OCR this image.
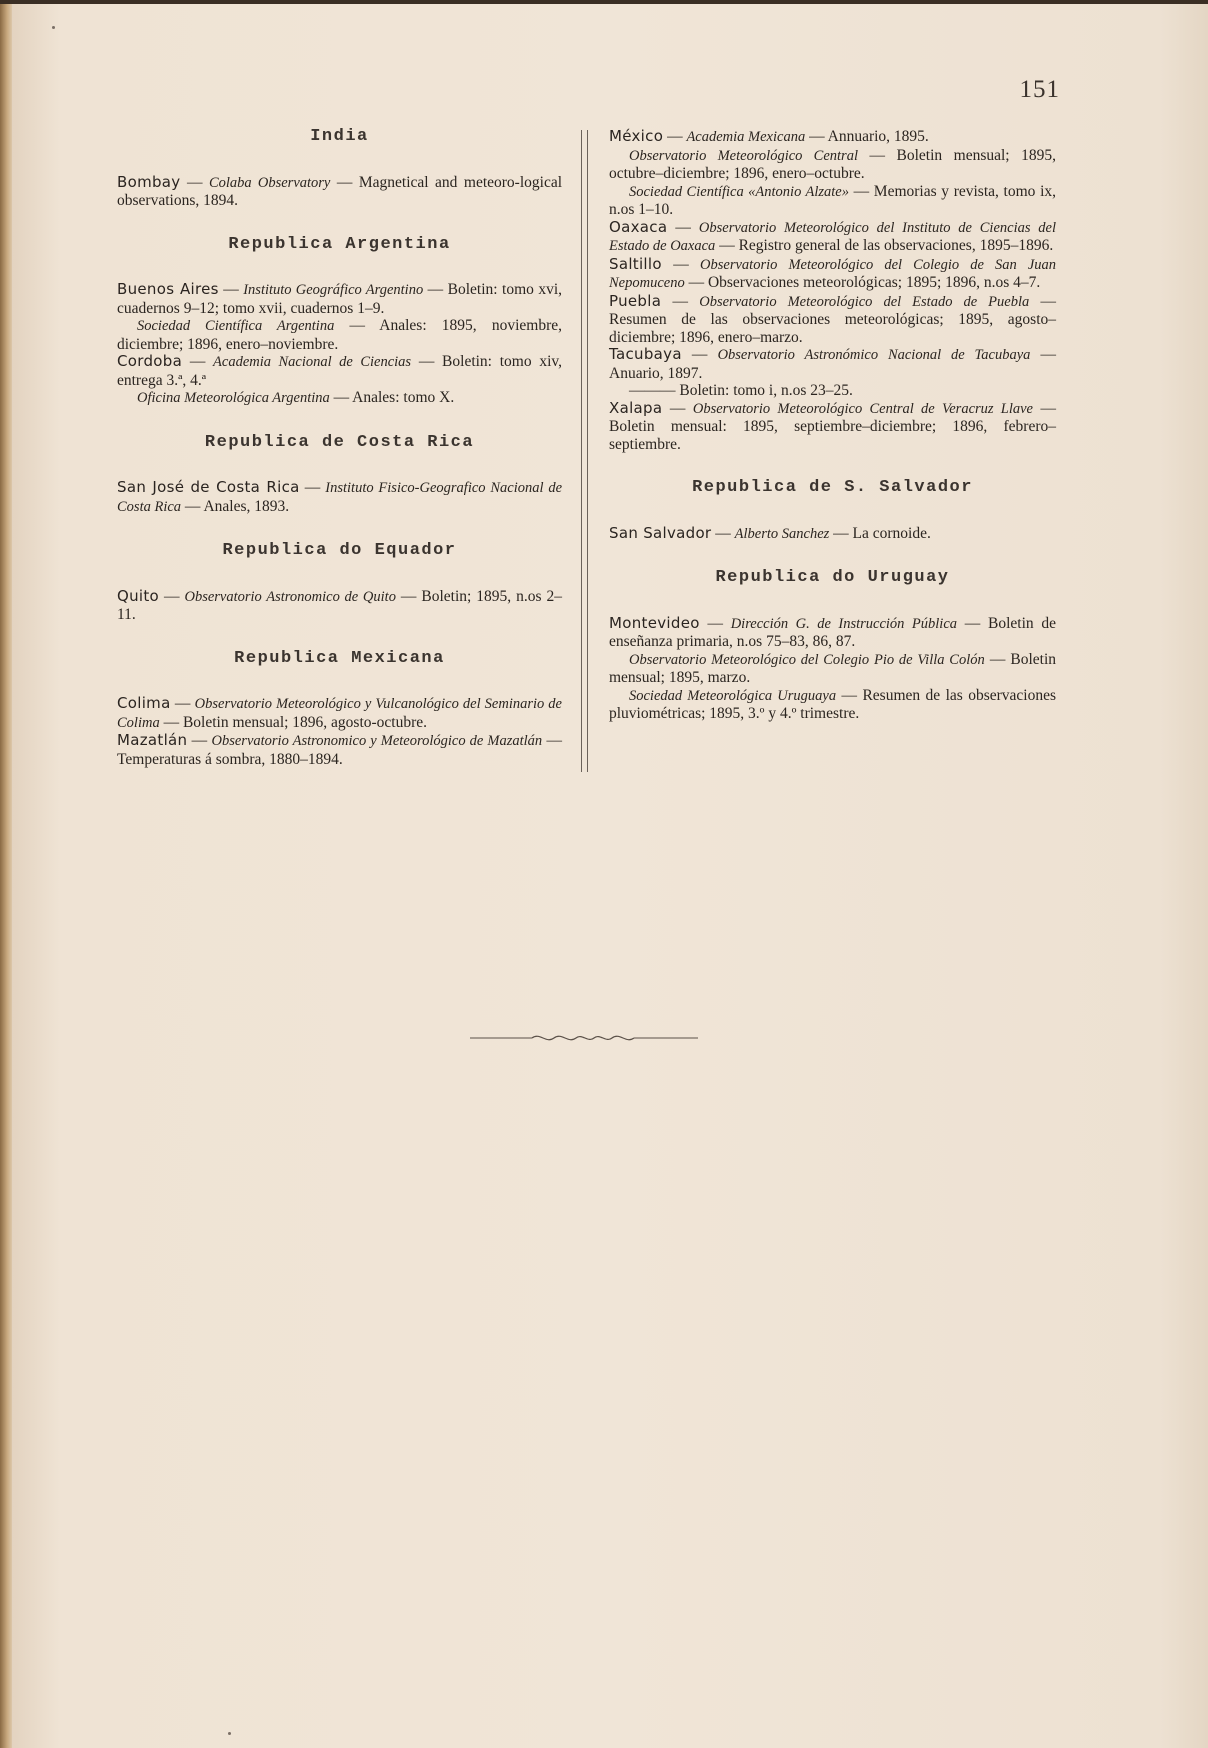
151

India

Bombay — Colaba Observatory — Magnetical and meteoro-logical observations, 1894.

Republica Argentina

Buenos Aires — Instituto Geográfico Argentino — Boletin: tomo xvi, cuadernos 9–12; tomo xvii, cuadernos 1–9.

Sociedad Científica Argentina — Anales: 1895, noviembre, diciembre; 1896, enero–noviembre.

Cordoba — Academia Nacional de Ciencias — Boletin: tomo xiv, entrega 3.ª, 4.ª

Oficina Meteorológica Argentina — Anales: tomo X.

Republica de Costa Rica

San José de Costa Rica — Instituto Fisico-Geografico Nacional de Costa Rica — Anales, 1893.

Republica do Equador

Quito — Observatorio Astronomico de Quito — Boletin; 1895, n.os 2–11.

Republica Mexicana

Colima — Observatorio Meteorológico y Vulcanológico del Seminario de Colima — Boletin mensual; 1896, agosto-octubre.

Mazatlán — Observatorio Astronomico y Meteorológico de Mazatlán — Temperaturas á sombra, 1880–1894.

México — Academia Mexicana — Annuario, 1895.

Observatorio Meteorológico Central — Boletin mensual; 1895, octubre–diciembre; 1896, enero–octubre.

Sociedad Científica «Antonio Alzate» — Memorias y revista, tomo ix, n.os 1–10.

Oaxaca — Observatorio Meteorológico del Instituto de Ciencias del Estado de Oaxaca — Registro general de las observaciones, 1895–1896.

Saltillo — Observatorio Meteorológico del Colegio de San Juan Nepomuceno — Observaciones meteorológicas; 1895; 1896, n.os 4–7.

Puebla — Observatorio Meteorológico del Estado de Puebla — Resumen de las observaciones meteorológicas; 1895, agosto–diciembre; 1896, enero–marzo.

Tacubaya — Observatorio Astronómico Nacional de Tacubaya — Anuario, 1897.

——— Boletin: tomo i, n.os 23–25.

Xalapa — Observatorio Meteorológico Central de Veracruz Llave — Boletin mensual: 1895, septiembre–diciembre; 1896, febrero–septiembre.

Republica de S. Salvador

San Salvador — Alberto Sanchez — La cornoide.

Republica do Uruguay

Montevideo — Dirección G. de Instrucción Pública — Boletin de enseñanza primaria, n.os 75–83, 86, 87.

Observatorio Meteorológico del Colegio Pio de Villa Colón — Boletin mensual; 1895, marzo.

Sociedad Meteorológica Uruguaya — Resumen de las observaciones pluviométricas; 1895, 3.º y 4.º trimestre.
